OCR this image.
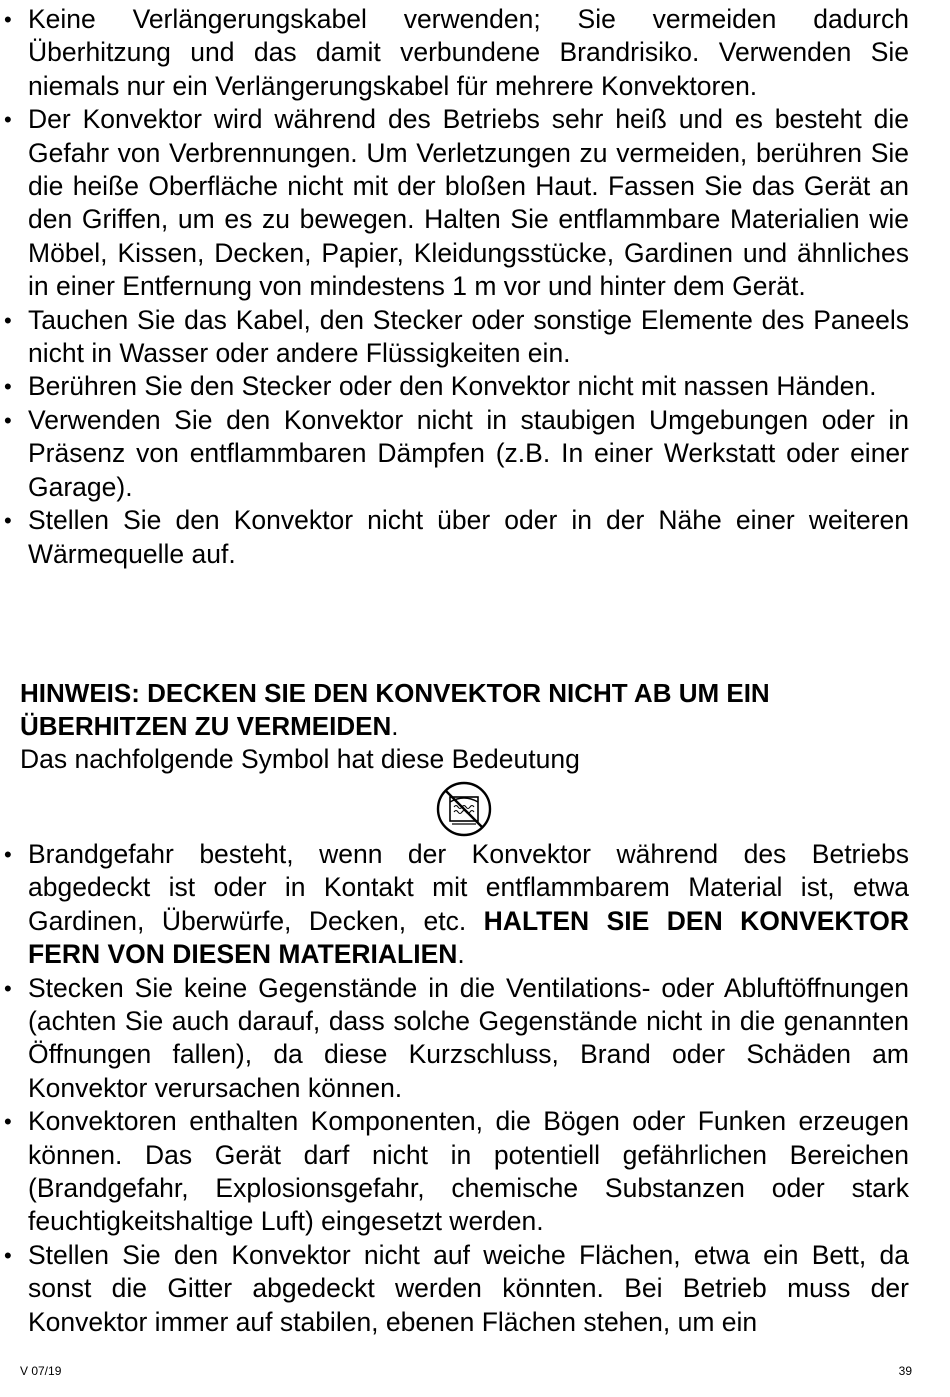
• Keine Verlängerungskabel verwenden; Sie vermeiden dadurch Überhitzung und das damit verbundene Brandrisiko. Verwenden Sie niemals nur ein Verlängerungskabel für mehrere Konvektoren.
• Der Konvektor wird während des Betriebs sehr heiß und es besteht die Gefahr von Verbrennungen. Um Verletzungen zu vermeiden, berühren Sie die heiße Oberfläche nicht mit der bloßen Haut. Fassen Sie das Gerät an den Griffen, um es zu bewegen. Halten Sie entflammbare Materialien wie Möbel, Kissen, Decken, Papier, Kleidungsstücke, Gardinen und ähnliches in einer Entfernung von mindestens 1 m vor und hinter dem Gerät.
• Tauchen Sie das Kabel, den Stecker oder sonstige Elemente des Paneels nicht in Wasser oder andere Flüssigkeiten ein.
• Berühren Sie den Stecker oder den Konvektor nicht mit nassen Händen.
• Verwenden Sie den Konvektor nicht in staubigen Umgebungen oder in Präsenz von entflammbaren Dämpfen (z.B. In einer Werkstatt oder einer Garage).
• Stellen Sie den Konvektor nicht über oder in der Nähe einer weiteren Wärmequelle auf.
HINWEIS: DECKEN SIE DEN KONVEKTOR NICHT AB UM EIN ÜBERHITZEN ZU VERMEIDEN.
Das nachfolgende Symbol hat diese Bedeutung
• Brandgefahr besteht, wenn der Konvektor während des Betriebs abgedeckt ist oder in Kontakt mit entflammbarem Material ist, etwa Gardinen, Überwürfe, Decken, etc. HALTEN SIE DEN KONVEKTOR FERN VON DIESEN MATERIALIEN.
• Stecken Sie keine Gegenstände in die Ventilations- oder Abluftöffnungen (achten Sie auch darauf, dass solche Gegenstände nicht in die genannten Öffnungen fallen), da diese Kurzschluss, Brand oder Schäden am Konvektor verursachen können.
• Konvektoren enthalten Komponenten, die Bögen oder Funken erzeugen können. Das Gerät darf nicht in potentiell gefährlichen Bereichen (Brandgefahr, Explosionsgefahr, chemische Substanzen oder stark feuchtigkeitshaltige Luft) eingesetzt werden.
• Stellen Sie den Konvektor nicht auf weiche Flächen, etwa ein Bett, da sonst die Gitter abgedeckt werden könnten. Bei Betrieb muss der Konvektor immer auf stabilen, ebenen Flächen stehen, um ein
V 07/19	39
